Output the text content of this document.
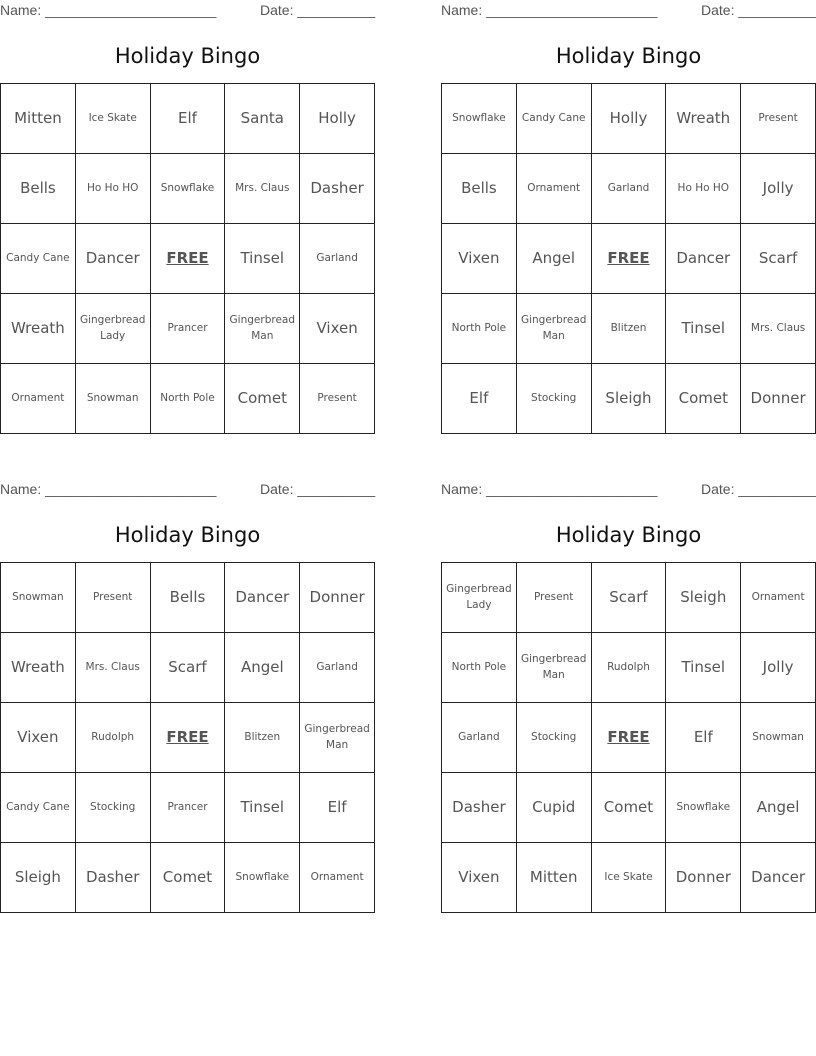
Name: ______________________	Date: __________
Holiday Bingo
Mitten	Ice Skate	Elf	Santa	Holly
Bells	Ho Ho HO	Snowflake	Mrs. Claus	Dasher
Candy Cane	Dancer	FREE	Tinsel	Garland
Wreath	Gingerbread Lady	Prancer	Gingerbread Man	Vixen
Ornament	Snowman	North Pole	Comet	Present
Name: ______________________	Date: __________
Holiday Bingo
Snowflake	Candy Cane	Holly	Wreath	Present
Bells	Ornament	Garland	Ho Ho HO	Jolly
Vixen	Angel	FREE	Dancer	Scarf
North Pole	Gingerbread Man	Blitzen	Tinsel	Mrs. Claus
Elf	Stocking	Sleigh	Comet	Donner
Name: ______________________	Date: __________
Holiday Bingo
Snowman	Present	Bells	Dancer	Donner
Wreath	Mrs. Claus	Scarf	Angel	Garland
Vixen	Rudolph	FREE	Blitzen	Gingerbread Man
Candy Cane	Stocking	Prancer	Tinsel	Elf
Sleigh	Dasher	Comet	Snowflake	Ornament
Name: ______________________	Date: __________
Holiday Bingo
Gingerbread Lady	Present	Scarf	Sleigh	Ornament
North Pole	Gingerbread Man	Rudolph	Tinsel	Jolly
Garland	Stocking	FREE	Elf	Snowman
Dasher	Cupid	Comet	Snowflake	Angel
Vixen	Mitten	Ice Skate	Donner	Dancer
